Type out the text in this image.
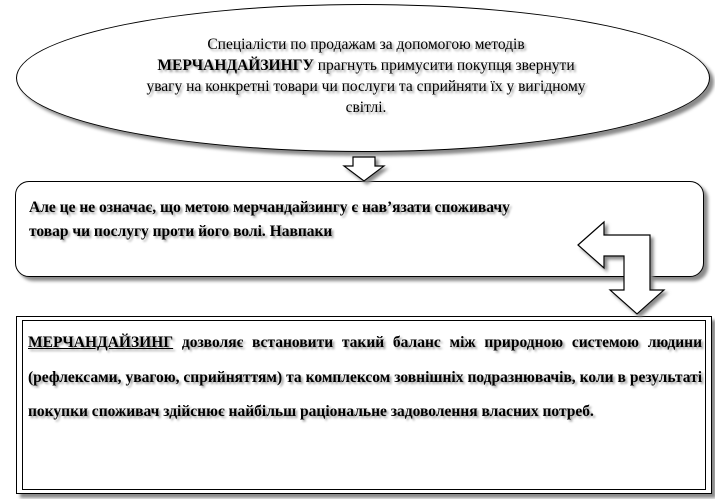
Спеціалісти по продажам за допомогою методів
МЕРЧАНДАЙЗИНГУ прагнуть примусити покупця звернути
увагу на конкретні товари чи послуги та сприйняти їх у вигідному
світлі.
Але це не означає, що метою мерчандайзингу є нав’язати споживачу
товар чи послугу проти його волі. Навпаки
МЕРЧАНДАЙЗИНГ дозволяє встановити такий баланс між природною системою людини (рефлексами, увагою, сприйняттям) та комплексом зовнішніх подразнювачів, коли в результаті покупки споживач здійснює найбільш раціональне задоволення власних потреб.
